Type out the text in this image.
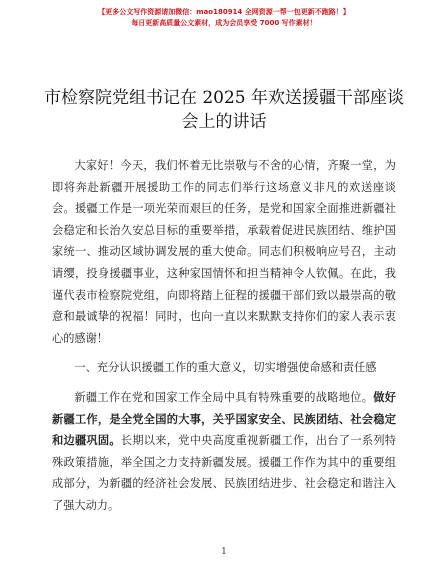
【更多公文写作资源请加微信：mao180914 全网资源一帮一包更新不跑路！】
每日更新高质量公文素材，成为会员享受 7000 写作素材！
市检察院党组书记在 2025 年欢送援疆干部座谈
会上的讲话

大家好！今天，我们怀着无比崇敬与不舍的心情，齐聚一堂，为即将奔赴新疆开展援助工作的同志们举行这场意义非凡的欢送座谈会。援疆工作是一项光荣而艰巨的任务，是党和国家全面推进新疆社会稳定和长治久安总目标的重要举措，承载着促进民族团结、维护国家统一、推动区域协调发展的重大使命。同志们积极响应号召，主动请缨，投身援疆事业，这种家国情怀和担当精神令人钦佩。在此，我谨代表市检察院党组，向即将踏上征程的援疆干部们致以最崇高的敬意和最诚挚的祝福！同时，也向一直以来默默支持你们的家人表示衷心的感谢！

一、充分认识援疆工作的重大意义，切实增强使命感和责任感

新疆工作在党和国家工作全局中具有特殊重要的战略地位。做好新疆工作，是全党全国的大事，关乎国家安全、民族团结、社会稳定和边疆巩固。长期以来，党中央高度重视新疆工作，出台了一系列特殊政策措施，举全国之力支持新疆发展。援疆工作作为其中的重要组成部分，为新疆的经济社会发展、民族团结进步、社会稳定和谐注入了强大动力。

1
